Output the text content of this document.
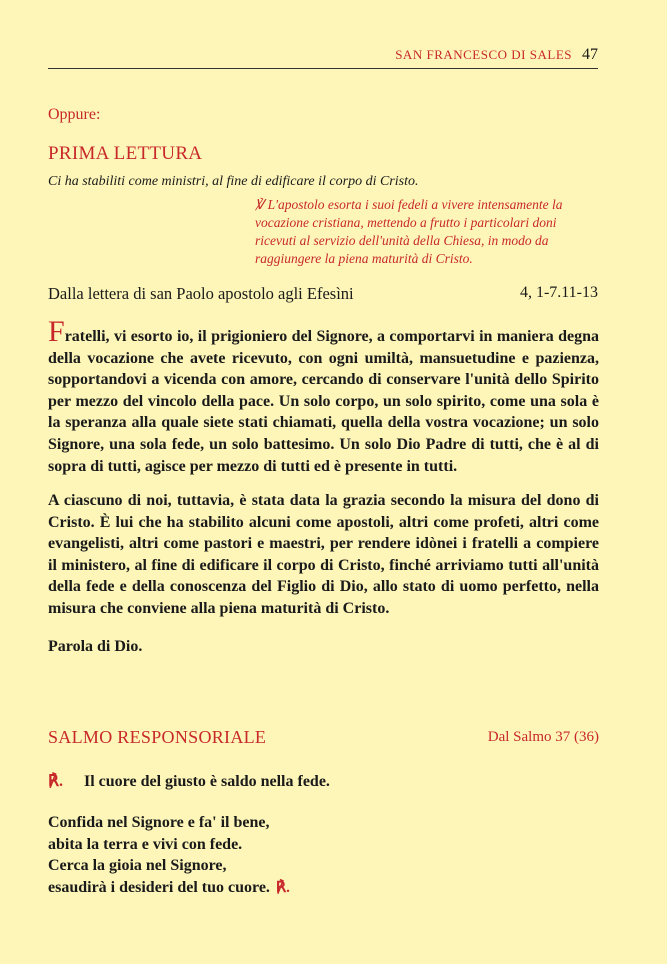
SAN FRANCESCO DI SALES 47
Oppure:
PRIMA LETTURA
Ci ha stabiliti come ministri, al fine di edificare il corpo di Cristo.
℣ L'apostolo esorta i suoi fedeli a vivere intensamente la vocazione cristiana, mettendo a frutto i particolari doni ricevuti al servizio dell'unità della Chiesa, in modo da raggiungere la piena maturità di Cristo.
Dalla lettera di san Paolo apostolo agli Efesìni	4, 1-7.11-13
Fratelli, vi esorto io, il prigioniero del Signore, a comportarvi in maniera degna della vocazione che avete ricevuto, con ogni umiltà, mansuetudine e pazienza, sopportandovi a vicenda con amore, cercando di conservare l'unità dello Spirito per mezzo del vincolo della pace. Un solo corpo, un solo spirito, come una sola è la speranza alla quale siete stati chiamati, quella della vostra vocazione; un solo Signore, una sola fede, un solo battesimo. Un solo Dio Padre di tutti, che è al di sopra di tutti, agisce per mezzo di tutti ed è presente in tutti.
A ciascuno di noi, tuttavia, è stata data la grazia secondo la misura del dono di Cristo. È lui che ha stabilito alcuni come apostoli, altri come profeti, altri come evangelisti, altri come pastori e maestri, per rendere idònei i fratelli a compiere il ministero, al fine di edificare il corpo di Cristo, finché arriviamo tutti all'unità della fede e della conoscenza del Figlio di Dio, allo stato di uomo perfetto, nella misura che conviene alla piena maturità di Cristo.
Parola di Dio.
SALMO RESPONSORIALE	Dal Salmo 37 (36)
℟. Il cuore del giusto è saldo nella fede.
Confida nel Signore e fa' il bene,
abita la terra e vivi con fede.
Cerca la gioia nel Signore,
esaudirà i desideri del tuo cuore. ℟.
